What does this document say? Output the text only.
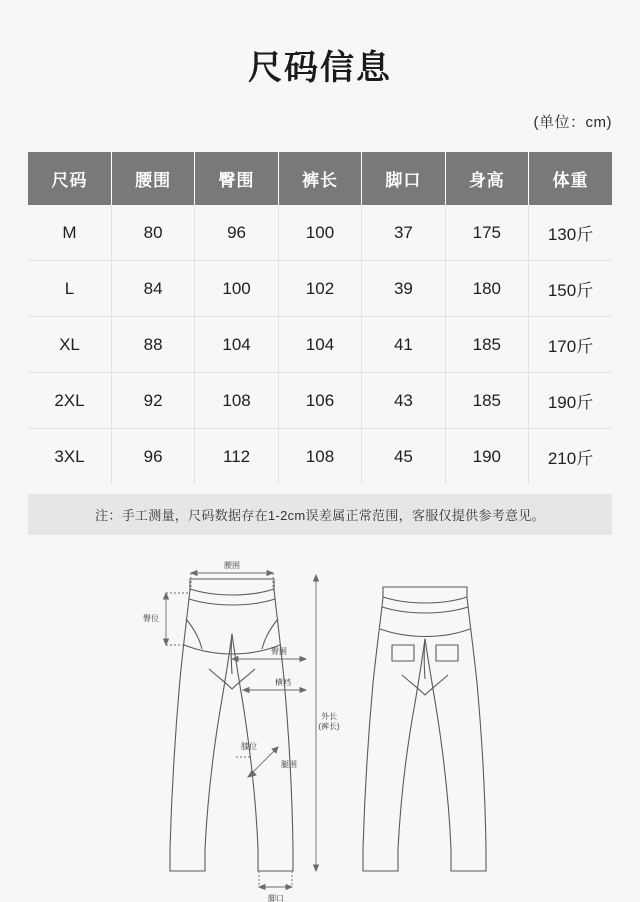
尺码信息
(单位：cm)
尺码	腰围	臀围	裤长	脚口	身高	体重
M	80	96	100	37	175	130斤
L	84	100	102	39	180	150斤
XL	88	104	104	41	185	170斤
2XL	92	108	106	43	185	190斤
3XL	96	112	108	45	190	210斤
注：手工测量，尺码数据存在1-2cm误差属正常范围，客服仅提供参考意见。
腰围
臀位
臀围
横裆
外长
(裤长)
膝位
腿围
脚口
